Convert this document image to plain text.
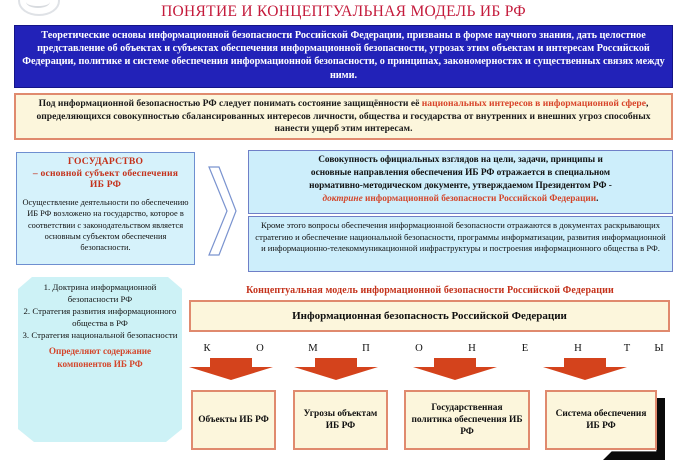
ПОНЯТИЕ И КОНЦЕПТУАЛЬНАЯ МОДЕЛЬ ИБ РФ
Теоретические основы информационной безопасности Российской Федерации, призваны в форме научного знания, дать целостное представление об объектах и субъектах обеспечения информационной безопасности, угрозах этим объектам и интересам Российской Федерации, политике и системе обеспечения информационной безопасности, о принципах, закономерностях и существенных связях между ними.
Под информационной безопасностью РФ следует понимать состояние защищённости её национальных интересов в информационной сфере, определяющихся совокупностью сбалансированных интересов личности, общества и государства от внутренних и внешних угроз способных нанести ущерб этим интересам.
ГОСУДАРСТВО
– основной субъект обеспечения
ИБ РФ
Осуществление деятельности по обеспечению ИБ РФ возложено на государство, которое в соответствии с законодательством является основным субъектом обеспечения безопасности.
Совокупность официальных взглядов на цели, задачи, принципы и
основные направления обеспечения ИБ РФ отражается в специальном
нормативно-методическом документе, утверждаемом Президентом РФ -
доктрине информационной безопасности Российской Федерации.
Кроме этого вопросы обеспечения информационной безопасности отражаются в документах раскрывающих стратегию и обеспечение национальной безопасности, программы информатизации, развития информационной и информационно-телекоммуникационной инфраструктуры и построения информационного общества в РФ.
1. Доктрина информационной безопасности РФ
2. Стратегия развития информационного общества в РФ
3. Стратегия национальной безопасности
Определяют содержание компонентов ИБ РФ
Концептуальная модель информационной безопасности Российской Федерации
Информационная безопасность Российской Федерации
К	О	М	П	О	Н	Е	Н	Т Ы
Объекты ИБ РФ
Угрозы объектам ИБ РФ
Государственная политика обеспечения ИБ РФ
Система обеспечения ИБ РФ
